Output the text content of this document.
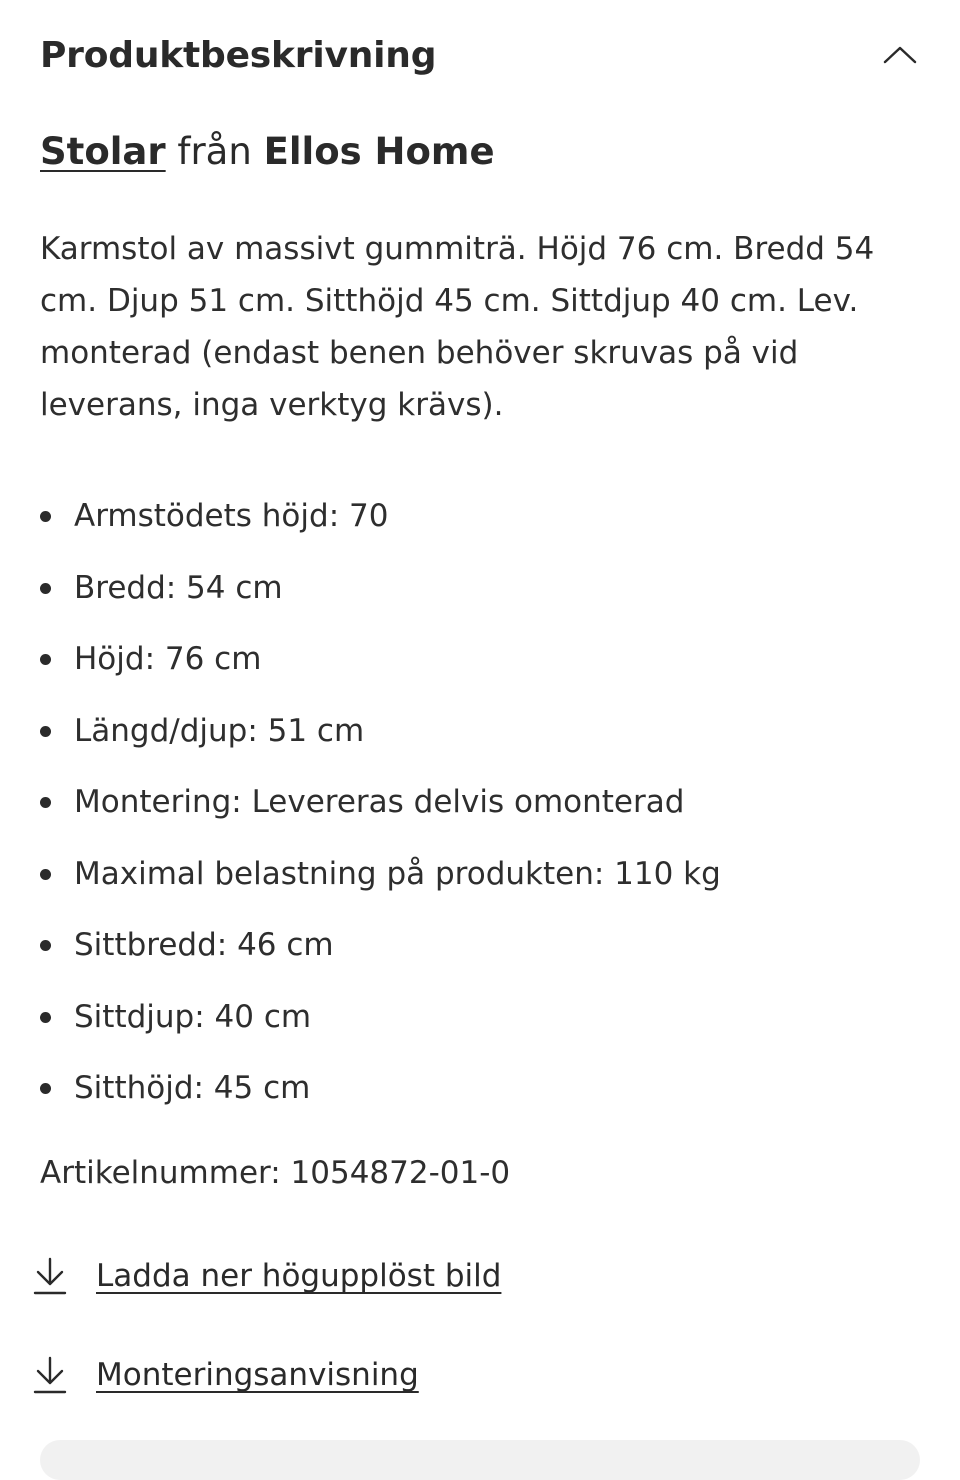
Produktbeskrivning
Stolar från Ellos Home

Karmstol av massivt gummiträ. Höjd 76 cm. Bredd 54 cm. Djup 51 cm. Sitthöjd 45 cm. Sittdjup 40 cm. Lev. monterad (endast benen behöver skruvas på vid leverans, inga verktyg krävs).

Armstödets höjd: 70
Bredd: 54 cm
Höjd: 76 cm
Längd/djup: 51 cm
Montering: Levereras delvis omonterad
Maximal belastning på produkten: 110 kg
Sittbredd: 46 cm
Sittdjup: 40 cm
Sitthöjd: 45 cm
Artikelnummer: 1054872-01-0
Ladda ner högupplöst bild
Monteringsanvisning
